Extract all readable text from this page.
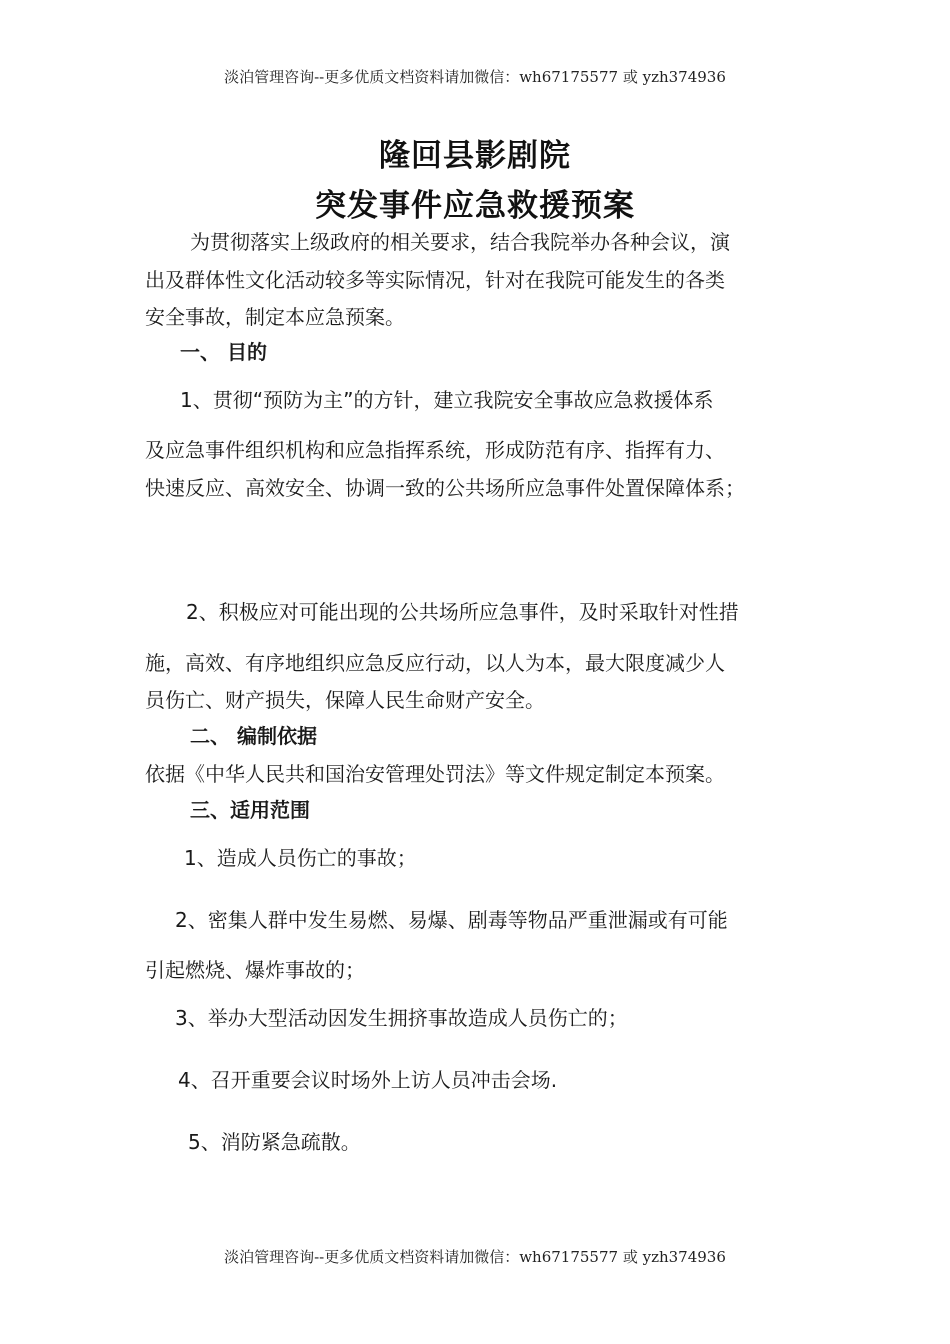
淡泊管理咨询--更多优质文档资料请加微信：wh67175577 或 yzh374936
隆回县影剧院
突发事件应急救援预案
为贯彻落实上级政府的相关要求，结合我院举办各种会议，演
出及群体性文化活动较多等实际情况，针对在我院可能发生的各类
安全事故，制定本应急预案。
一、 目的
1、贯彻“预防为主”的方针，建立我院安全事故应急救援体系
及应急事件组织机构和应急指挥系统，形成防范有序、指挥有力、
快速反应、高效安全、协调一致的公共场所应急事件处置保障体系；
2、积极应对可能出现的公共场所应急事件，及时采取针对性措
施，高效、有序地组织应急反应行动，以人为本，最大限度减少人
员伤亡、财产损失，保障人民生命财产安全。
二、 编制依据
依据《中华人民共和国治安管理处罚法》等文件规定制定本预案。
三、适用范围
1、造成人员伤亡的事故；
2、密集人群中发生易燃、易爆、剧毒等物品严重泄漏或有可能
引起燃烧、爆炸事故的；
3、举办大型活动因发生拥挤事故造成人员伤亡的；
4、召开重要会议时场外上访人员冲击会场.
5、消防紧急疏散。
淡泊管理咨询--更多优质文档资料请加微信：wh67175577 或 yzh374936
